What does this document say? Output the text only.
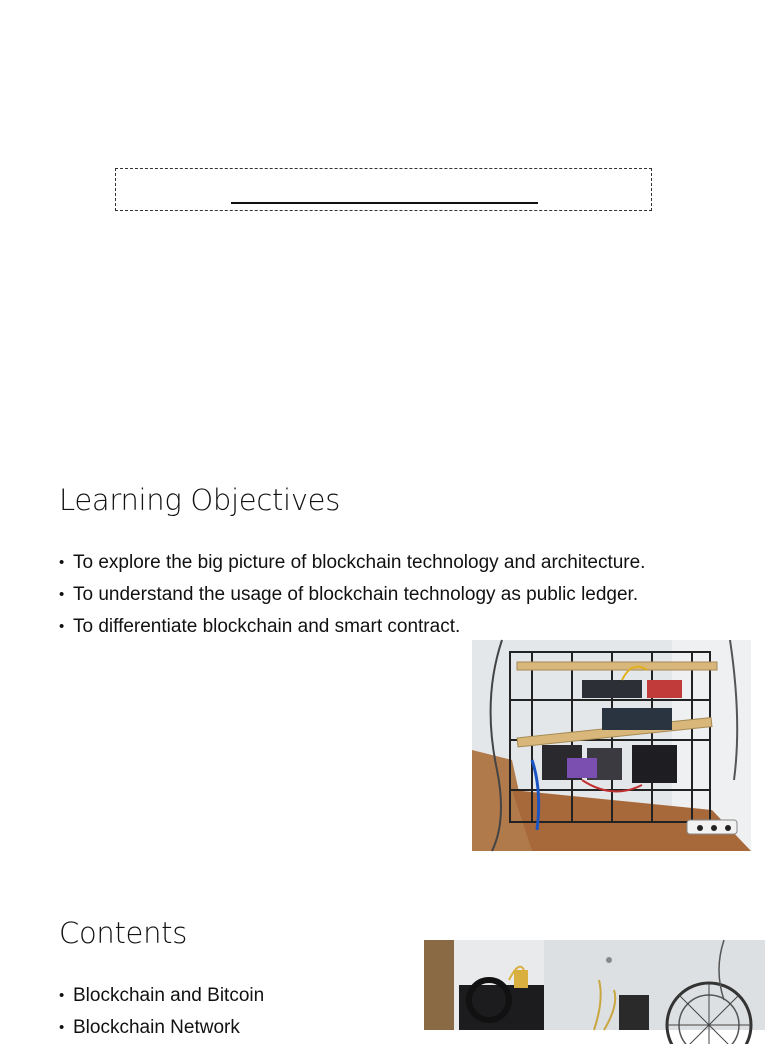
Learning Objectives
• To explore the big picture of blockchain technology and architecture.
• To understand the usage of blockchain technology as public ledger.
• To differentiate blockchain and smart contract.
Contents
• Blockchain and Bitcoin
• Blockchain Network
